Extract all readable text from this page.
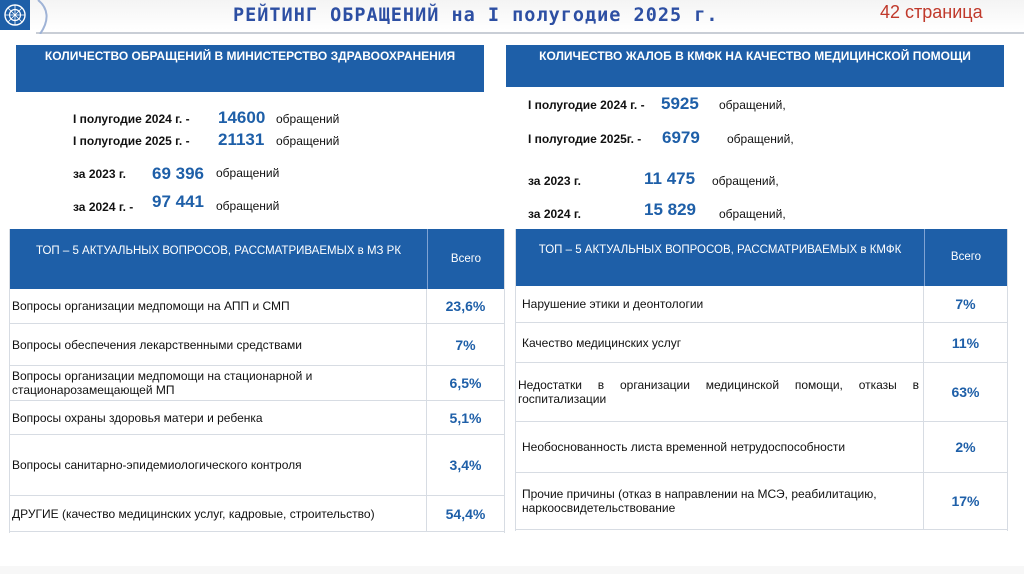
РЕЙТИНГ ОБРАЩЕНИЙ на I полугодие 2025 г.	42 страница
КОЛИЧЕСТВО ОБРАЩЕНИЙ В МИНИСТЕРСТВО ЗДРАВООХРАНЕНИЯ
I полугодие 2024 г. - 14600 обращений
I полугодие 2025 г. - 21131 обращений
за 2023 г. 69 396 обращений
за 2024 г. - 97 441 обращений
КОЛИЧЕСТВО ЖАЛОБ В КМФК НА КАЧЕСТВО МЕДИЦИНСКОЙ ПОМОЩИ
I полугодие 2024 г. - 5925 обращений,
I полугодие 2025г. - 6979 обращений,
за 2023 г.	11 475 обращений,
за 2024 г.	15 829 обращений,
ТОП – 5 АКТУАЛЬНЫХ ВОПРОСОВ, РАССМАТРИВАЕМЫХ в МЗ РК
Всего
Вопросы организации медпомощи на АПП и СМП	23,6%
Вопросы обеспечения лекарственными средствами	7%
Вопросы организации медпомощи на стационарной и стационарозамещающей МП	6,5%
Вопросы охраны здоровья матери и ребенка	5,1%
Вопросы санитарно-эпидемиологического контроля	3,4%
ДРУГИЕ (качество медицинских услуг, кадровые, строительство)	54,4%
ТОП – 5 АКТУАЛЬНЫХ ВОПРОСОВ, РАССМАТРИВАЕМЫХ в КМФК
Всего
Нарушение этики и деонтологии	7%
Качество медицинских услуг	11%
Недостатки в организации медицинской помощи, отказы в госпитализации	63%
Необоснованность листа временной нетрудоспособности	2%
Прочие причины (отказ в направлении на МСЭ, реабилитацию, наркоосвидетельствование	17%
